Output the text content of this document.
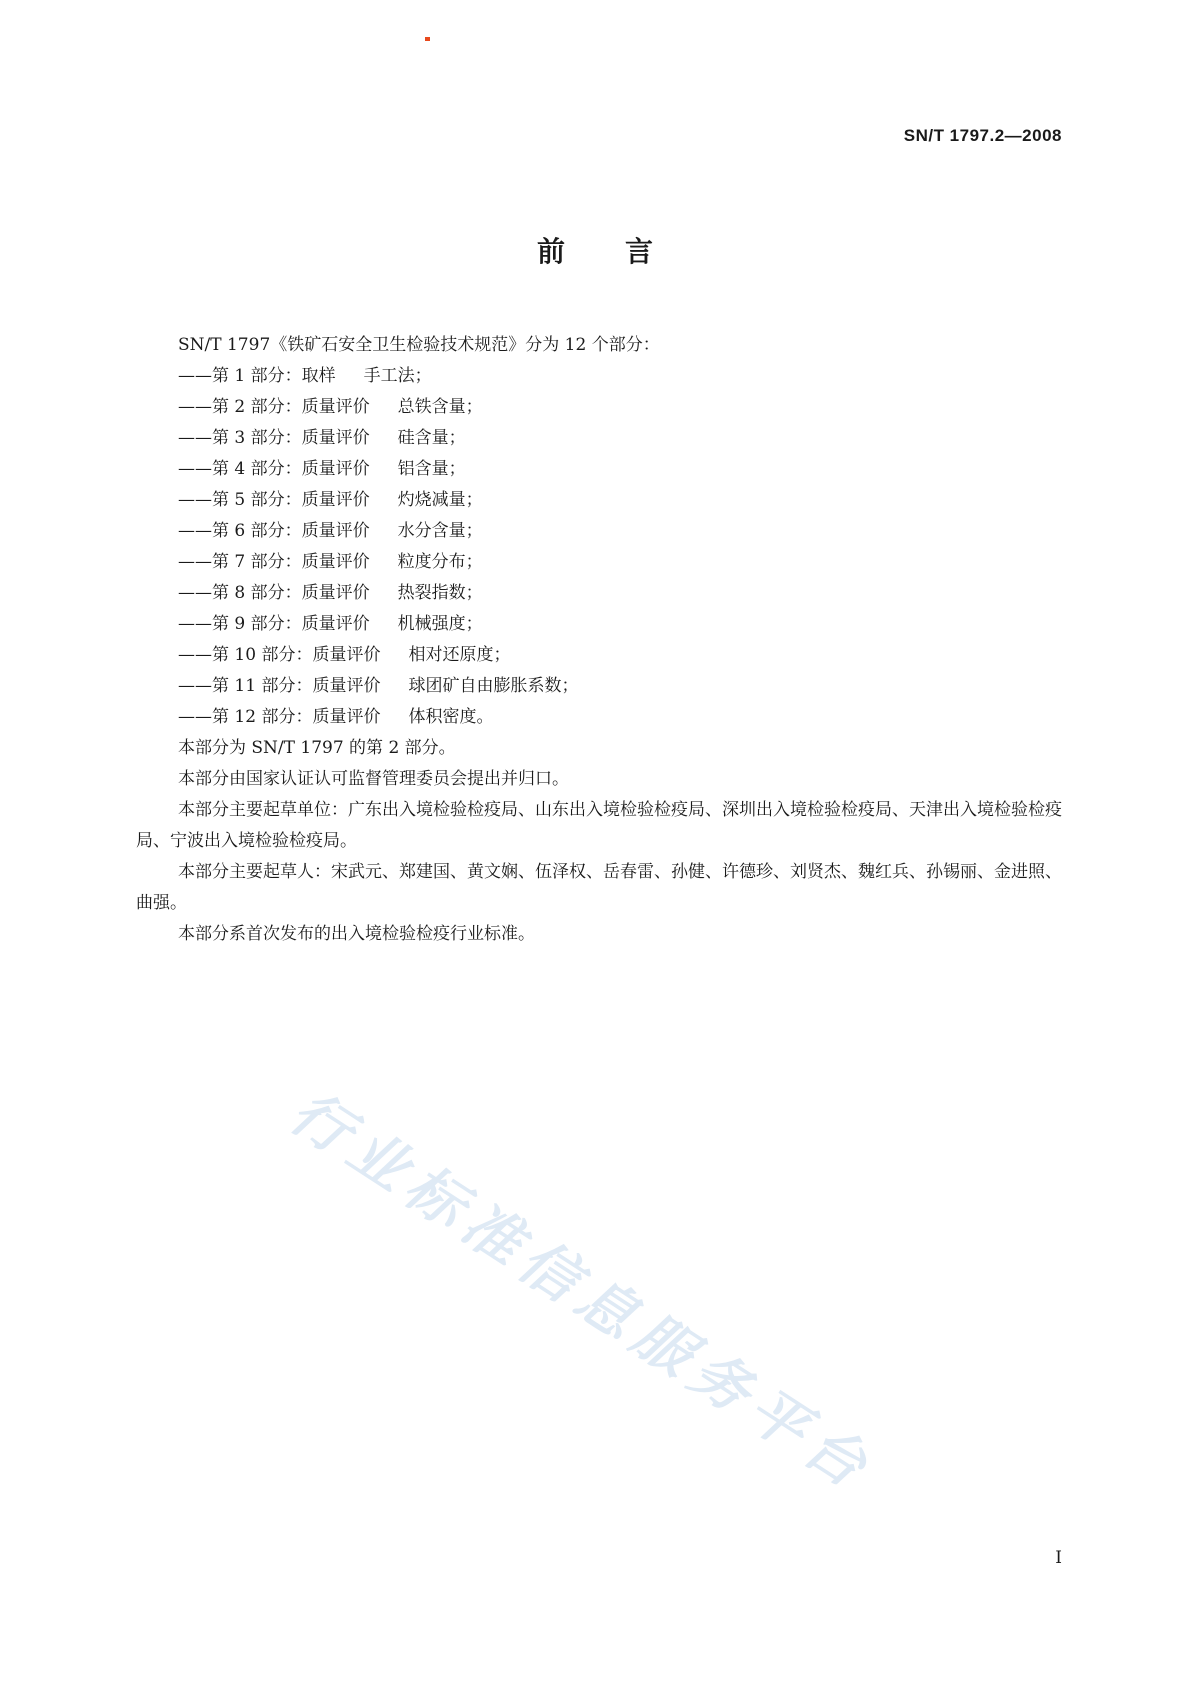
SN/T 1797.2—2008
前 言

SN/T 1797《铁矿石安全卫生检验技术规范》分为 12 个部分：

——第 1 部分：取样 手工法；

——第 2 部分：质量评价 总铁含量；

——第 3 部分：质量评价 硅含量；

——第 4 部分：质量评价 铝含量；

——第 5 部分：质量评价 灼烧减量；

——第 6 部分：质量评价 水分含量；

——第 7 部分：质量评价 粒度分布；

——第 8 部分：质量评价 热裂指数；

——第 9 部分：质量评价 机械强度；

——第 10 部分：质量评价 相对还原度；

——第 11 部分：质量评价 球团矿自由膨胀系数；

——第 12 部分：质量评价 体积密度。

本部分为 SN/T 1797 的第 2 部分。

本部分由国家认证认可监督管理委员会提出并归口。

本部分主要起草单位：广东出入境检验检疫局、山东出入境检验检疫局、深圳出入境检验检疫局、天津出入境检验检疫局、宁波出入境检验检疫局。

本部分主要起草人：宋武元、郑建国、黄文娴、伍泽权、岳春雷、孙健、许德珍、刘贤杰、魏红兵、孙锡丽、金进照、曲强。

本部分系首次发布的出入境检验检疫行业标准。

行业标准信息服务平台
I
